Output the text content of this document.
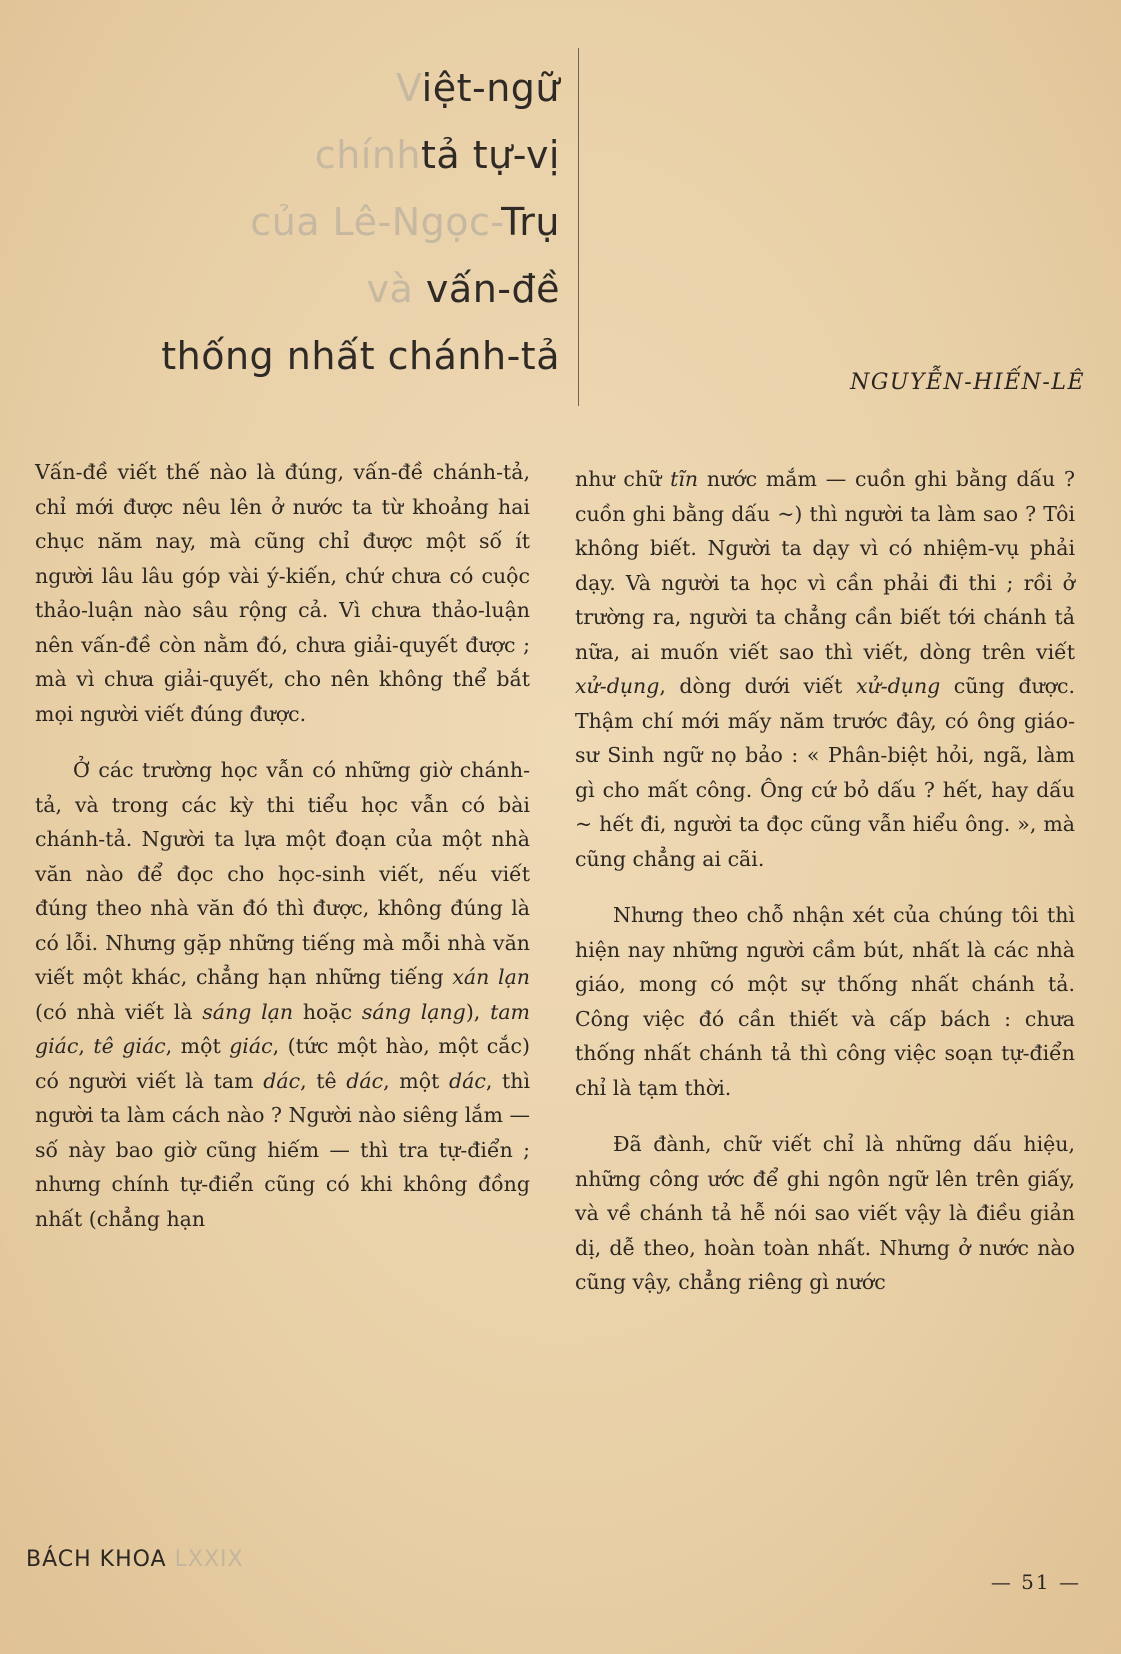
Việt-ngữ
chínhtả tự-vị
của Lê-Ngọc-Trụ
và vấn-đề
thống nhất chánh-tả
NGUYỄN-HIẾN-LÊ

Vấn-đề viết thế nào là đúng, vấn-đề chánh-tả, chỉ mới được nêu lên ở nước ta từ khoảng hai chục năm nay, mà cũng chỉ được một số ít người lâu lâu góp vài ý-kiến, chứ chưa có cuộc thảo-luận nào sâu rộng cả. Vì chưa thảo-luận nên vấn-đề còn nằm đó, chưa giải-quyết được ; mà vì chưa giải-quyết, cho nên không thể bắt mọi người viết đúng được.

Ở các trường học vẫn có những giờ chánh-tả, và trong các kỳ thi tiểu học vẫn có bài chánh-tả. Người ta lựa một đoạn của một nhà văn nào để đọc cho học-sinh viết, nếu viết đúng theo nhà văn đó thì được, không đúng là có lỗi. Nhưng gặp những tiếng mà mỗi nhà văn viết một khác, chẳng hạn những tiếng xán lạn (có nhà viết là sáng lạn hoặc sáng lạng), tam giác, tê giác, một giác, (tức một hào, một cắc) có người viết là tam dác, tê dác, một dác, thì người ta làm cách nào ? Người nào siêng lắm — số này bao giờ cũng hiếm — thì tra tự-điển ; nhưng chính tự-điển cũng có khi không đồng nhất (chẳng hạn

như chữ tĩn nước mắm — cuồn ghi bằng dấu ? cuồn ghi bằng dấu ~) thì người ta làm sao ? Tôi không biết. Người ta dạy vì có nhiệm-vụ phải dạy. Và người ta học vì cần phải đi thi ; rồi ở trường ra, người ta chẳng cần biết tới chánh tả nữa, ai muốn viết sao thì viết, dòng trên viết xử-dụng, dòng dưới viết xử-dụng cũng được. Thậm chí mới mấy năm trước đây, có ông giáo-sư Sinh ngữ nọ bảo : « Phân-biệt hỏi, ngã, làm gì cho mất công. Ông cứ bỏ dấu ? hết, hay dấu ~ hết đi, người ta đọc cũng vẫn hiểu ông. », mà cũng chẳng ai cãi.

Nhưng theo chỗ nhận xét của chúng tôi thì hiện nay những người cầm bút, nhất là các nhà giáo, mong có một sự thống nhất chánh tả. Công việc đó cần thiết và cấp bách : chưa thống nhất chánh tả thì công việc soạn tự-điển chỉ là tạm thời.

Đã đành, chữ viết chỉ là những dấu hiệu, những công ước để ghi ngôn ngữ lên trên giấy, và về chánh tả hễ nói sao viết vậy là điều giản dị, dễ theo, hoàn toàn nhất. Nhưng ở nước nào cũng vậy, chẳng riêng gì nước

BÁCH KHOA LXXIX
— 51 —
